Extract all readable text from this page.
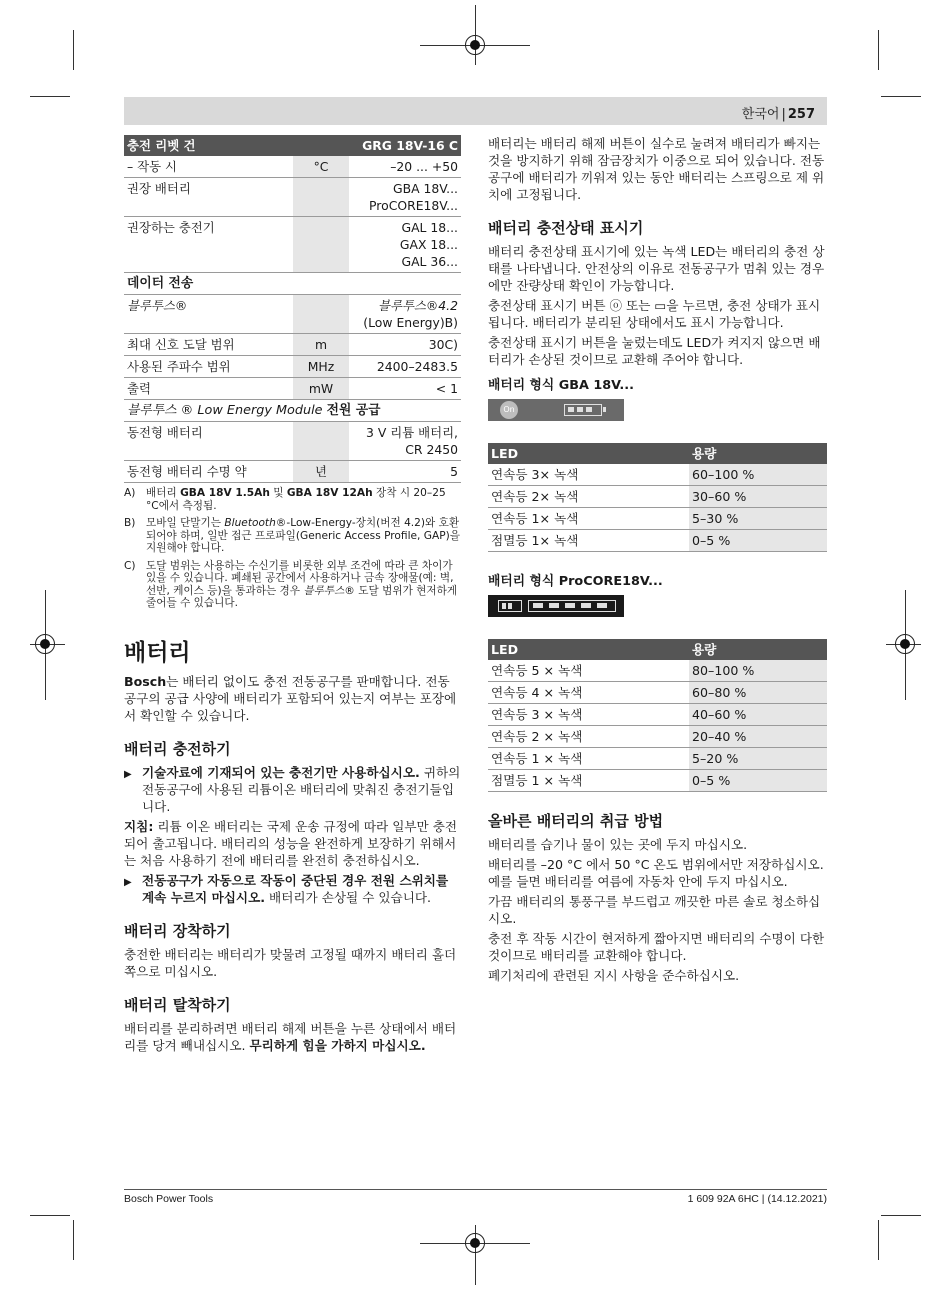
한국어 | 257
충전 리벳 건		GRG 18V-16 C
– 작동 시	°C	–20 ... +50
권장 배터리		GBA 18V...
ProCORE18V...

권장하는 충전기		GAL 18...
GAX 18...
GAL 36...

데이터 전송		
블루투스®		블루투스®4.2
(Low Energy)B)

최대 신호 도달 범위	m	30C)
사용된 주파수 범위	MHz	2400–2483.5
출력	mW	< 1
블루투스 ® Low Energy Module 전원 공급		
동전형 배터리		3 V 리튬 배터리,
CR 2450

동전형 배터리 수명 약	년	5
A)	배터리 GBA 18V 1.5Ah 및 GBA 18V 12Ah 장착 시 20–25 °C에서 측정됨.
B) 모바일 단말기는 Bluetooth®-Low-Energy-장치(버전 4.2)와 호환되어야 하며, 일반 접근 프로파일(Generic Access Profile, GAP)을 지원해야 합니다.
C) 도달 범위는 사용하는 수신기를 비롯한 외부 조건에 따라 큰 차이가 있을 수 있습니다. 폐쇄된 공간에서 사용하거나 금속 장애물(예: 벽, 선반, 케이스 등)을 통과하는 경우 블루투스® 도달 범위가 현저하게 줄어들 수 있습니다.
배터리

Bosch는 배터리 없이도 충전 전동공구를 판매합니다. 전동공구의 공급 사양에 배터리가 포함되어 있는지 여부는 포장에서 확인할 수 있습니다.

배터리 충전하기
▶ 기술자료에 기재되어 있는 충전기만 사용하십시오. 귀하의 전동공구에 사용된 리튬이온 배터리에 맞춰진 충전기들입니다.

지침: 리튬 이온 배터리는 국제 운송 규정에 따라 일부만 충전되어 출고됩니다. 배터리의 성능을 완전하게 보장하기 위해서는 처음 사용하기 전에 배터리를 완전히 충전하십시오.

▶ 전동공구가 자동으로 작동이 중단된 경우 전원 스위치를 계속 누르지 마십시오. 배터리가 손상될 수 있습니다.
배터리 장착하기

충전한 배터리는 배터리가 맞물려 고정될 때까지 배터리 홀더 쪽으로 미십시오.

배터리 탈착하기

배터리를 분리하려면 배터리 해제 버튼을 누른 상태에서 배터리를 당겨 빼내십시오. 무리하게 힘을 가하지 마십시오.

배터리는 배터리 해제 버튼이 실수로 눌려져 배터리가 빠지는 것을 방지하기 위해 잠금장치가 이중으로 되어 있습니다. 전동공구에 배터리가 끼워져 있는 동안 배터리는 스프링으로 제 위치에 고정됩니다.

배터리 충전상태 표시기

배터리 충전상태 표시기에 있는 녹색 LED는 배터리의 충전 상태를 나타냅니다. 안전상의 이유로 전동공구가 멈춰 있는 경우에만 잔량상태 확인이 가능합니다.

충전상태 표시기 버튼 ⓞ 또는 ▭을 누르면, 충전 상태가 표시됩니다. 배터리가 분리된 상태에서도 표시 가능합니다.

충전상태 표시기 버튼을 눌렀는데도 LED가 켜지지 않으면 배터리가 손상된 것이므로 교환해 주어야 합니다.

배터리 형식 GBA 18V...
On
LED	용량
연속등 3× 녹색	60–100 %
연속등 2× 녹색	30–60 %
연속등 1× 녹색	5–30 %
점멸등 1× 녹색	0–5 %
배터리 형식 ProCORE18V...
LED	용량
연속등 5 × 녹색	80–100 %
연속등 4 × 녹색	60–80 %
연속등 3 × 녹색	40–60 %
연속등 2 × 녹색	20–40 %
연속등 1 × 녹색	5–20 %
점멸등 1 × 녹색	0–5 %
올바른 배터리의 취급 방법

배터리를 습기나 물이 있는 곳에 두지 마십시오.

배터리를 –20 °C 에서 50 °C 온도 범위에서만 저장하십시오. 예를 들면 배터리를 여름에 자동차 안에 두지 마십시오.

가끔 배터리의 통풍구를 부드럽고 깨끗한 마른 솔로 청소하십시오.

충전 후 작동 시간이 현저하게 짧아지면 배터리의 수명이 다한 것이므로 배터리를 교환해야 합니다.

폐기처리에 관련된 지시 사항을 준수하십시오.

Bosch Power Tools	1 609 92A 6HC | (14.12.2021)
